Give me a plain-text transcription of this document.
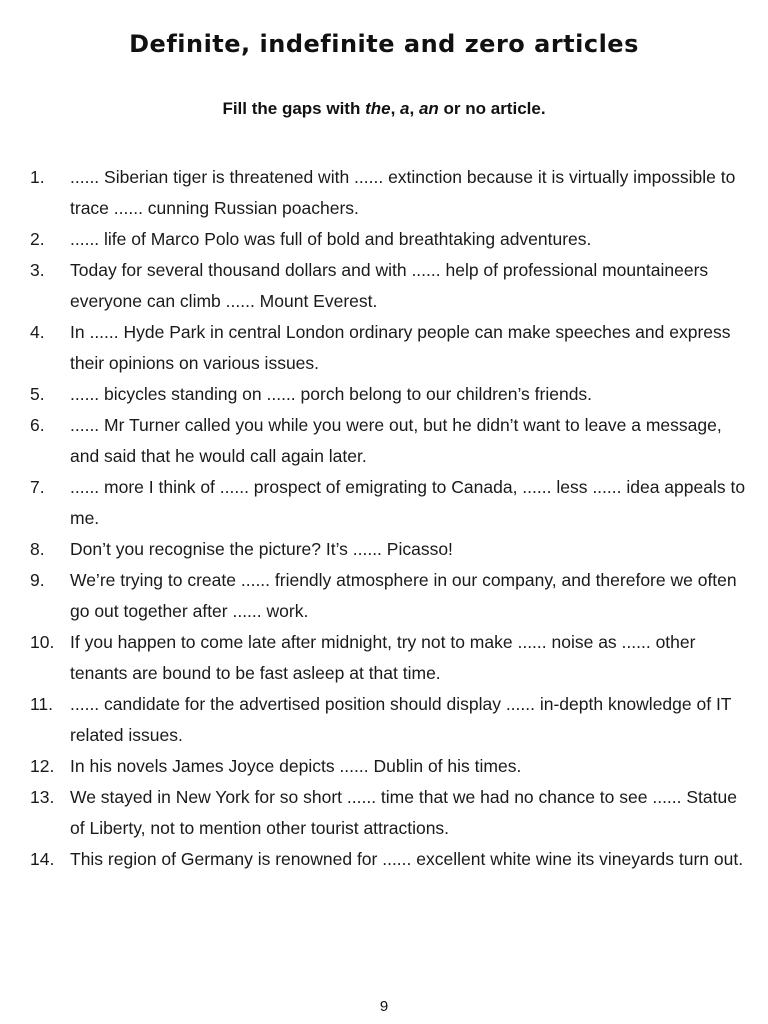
Definite, indefinite and zero articles

Fill the gaps with the, a, an or no article.

1.	...... Siberian tiger is threatened with ...... extinction because it is virtually impossible to trace ...... cunning Russian poachers.
2.	...... life of Marco Polo was full of bold and breathtaking adventures.
3.	Today for several thousand dollars and with ...... help of professional mountaineers everyone can climb ...... Mount Everest.
4.	In ...... Hyde Park in central London ordinary people can make speeches and express their opinions on various issues.
5.	...... bicycles standing on ...... porch belong to our children’s friends.
6.	...... Mr Turner called you while you were out, but he didn’t want to leave a message, and said that he would call again later.
7.	...... more I think of ...... prospect of emigrating to Canada, ...... less ...... idea appeals to me.
8.	Don’t you recognise the picture? It’s ...... Picasso!
9.	We’re trying to create ...... friendly atmosphere in our company, and therefore we often go out together after ...... work.
10. If you happen to come late after midnight, try not to make ...... noise as ...... other tenants are bound to be fast asleep at that time.
11. ...... candidate for the advertised position should display ...... in-depth knowledge of IT related issues.
12. In his novels James Joyce depicts ...... Dublin of his times.
13. We stayed in New York for so short ...... time that we had no chance to see ...... Statue of Liberty, not to mention other tourist attractions.
14. This region of Germany is renowned for ...... excellent white wine its vineyards turn out.
9
